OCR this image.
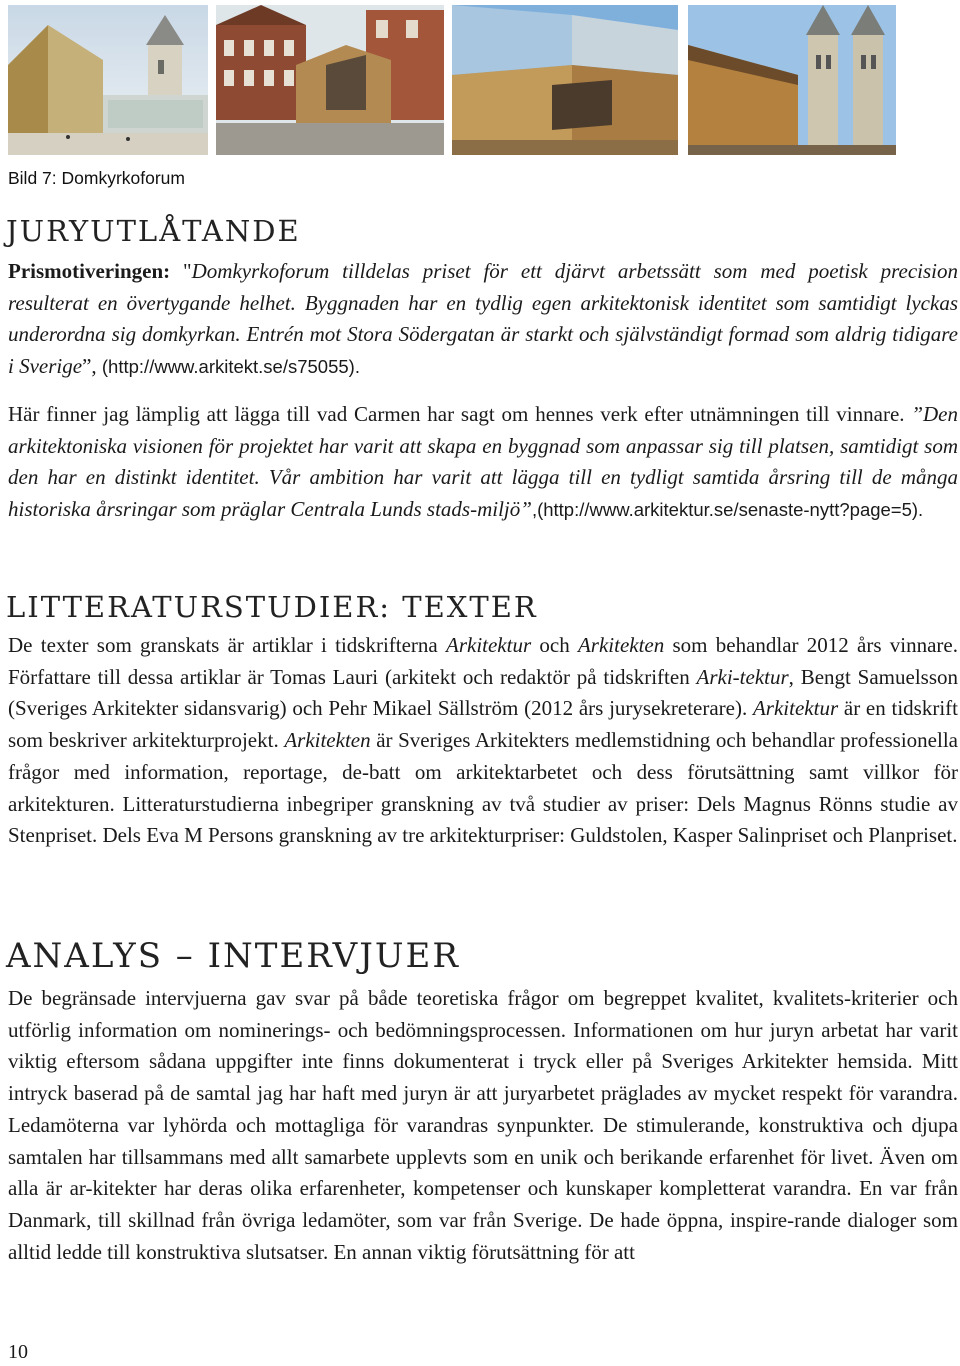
Bild 7: Domkyrkoforum
JURYUTLÅTANDE

Prismotiveringen: "Domkyrkoforum tilldelas priset för ett djärvt arbetssätt som med poetisk precision resulterat en övertygande helhet. Byggnaden har en tydlig egen arkitektonisk identitet som samtidigt lyckas underordna sig domkyrkan. Entrén mot Stora Södergatan är starkt och självständigt formad som aldrig tidigare i Sverige”, (http://www.arkitekt.se/s75055).

Här finner jag lämplig att lägga till vad Carmen har sagt om hennes verk efter utnämningen till vinnare. ”Den arkitektoniska visionen för projektet har varit att skapa en byggnad som anpassar sig till platsen, samtidigt som den har en distinkt identitet. Vår ambition har varit att lägga till en tydligt samtida årsring till de många historiska årsringar som präglar Centrala Lunds stads-miljö”,(http://www.arkitektur.se/senaste-nytt?page=5).

LITTERATURSTUDIER: TEXTER

De texter som granskats är artiklar i tidskrifterna Arkitektur och Arkitekten som behandlar 2012 års vinnare. Författare till dessa artiklar är Tomas Lauri (arkitekt och redaktör på tidskriften Arki-tektur, Bengt Samuelsson (Sveriges Arkitekter sidansvarig) och Pehr Mikael Sällström (2012 års jurysekreterare). Arkitektur är en tidskrift som beskriver arkitekturprojekt. Arkitekten är Sveriges Arkitekters medlemstidning och behandlar professionella frågor med information, reportage, de-batt om arkitektarbetet och dess förutsättning samt villkor för arkitekturen. Litteraturstudierna inbegriper granskning av två studier av priser: Dels Magnus Rönns studie av Stenpriset. Dels Eva M Persons granskning av tre arkitekturpriser: Guldstolen, Kasper Salinpriset och Planpriset.

ANALYS – INTERVJUER

De begränsade intervjuerna gav svar på både teoretiska frågor om begreppet kvalitet, kvalitets-kriterier och utförlig information om nominerings- och bedömningsprocessen. Informationen om hur juryn arbetat har varit viktig eftersom sådana uppgifter inte finns dokumenterat i tryck eller på Sveriges Arkitekter hemsida. Mitt intryck baserad på de samtal jag har haft med juryn är att juryarbetet präglades av mycket respekt för varandra. Ledamöterna var lyhörda och mottagliga för varandras synpunkter. De stimulerande, konstruktiva och djupa samtalen har tillsammans med allt samarbete upplevts som en unik och berikande erfarenhet för livet. Även om alla är ar-kitekter har deras olika erfarenheter, kompetenser och kunskaper kompletterat varandra. En var från Danmark, till skillnad från övriga ledamöter, som var från Sverige. De hade öppna, inspire-rande dialoger som alltid ledde till konstruktiva slutsatser. En annan viktig förutsättning för att

10
